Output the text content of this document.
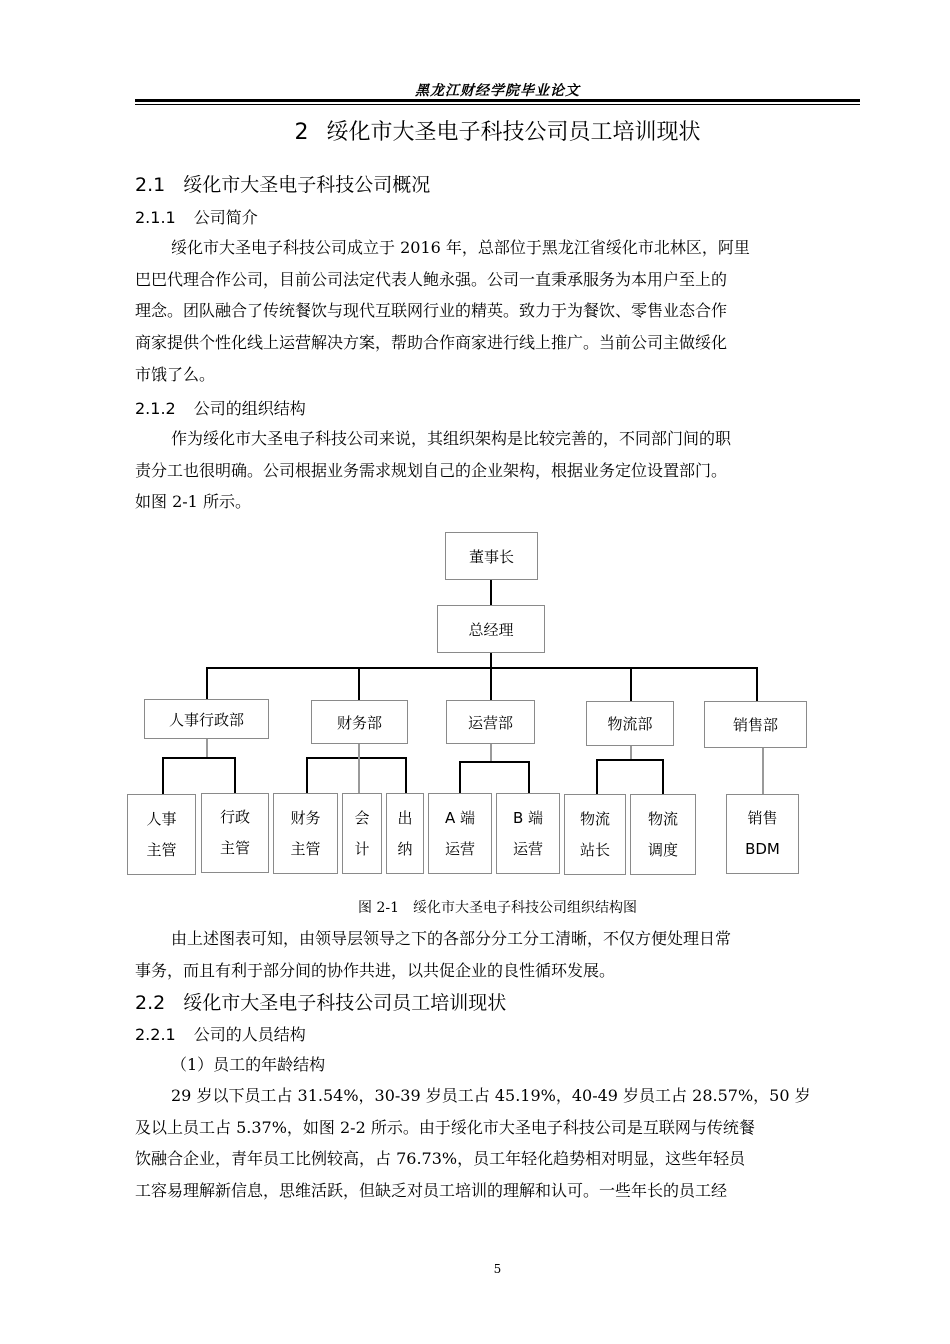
黑龙江财经学院毕业论文
2 绥化市大圣电子科技公司员工培训现状
2.1 绥化市大圣电子科技公司概况
2.1.1 公司简介
绥化市大圣电子科技公司成立于 2016 年，总部位于黑龙江省绥化市北林区，阿里
巴巴代理合作公司，目前公司法定代表人鲍永强。公司一直秉承服务为本用户至上的
理念。团队融合了传统餐饮与现代互联网行业的精英。致力于为餐饮、零售业态合作
商家提供个性化线上运营解决方案，帮助合作商家进行线上推广。当前公司主做绥化
市饿了么。
2.1.2 公司的组织结构
作为绥化市大圣电子科技公司来说，其组织架构是比较完善的，不同部门间的职
责分工也很明确。公司根据业务需求规划自己的企业架构，根据业务定位设置部门。
如图 2-1 所示。
董事长
总经理
人事行政部	财务部	运营部	物流部	销售部
人事
主管
行政
主管
财务
主管
会
计
出
纳
A 端
运营
B 端
运营
物流
站长
物流
调度
销售
BDM
图 2-1　绥化市大圣电子科技公司组织结构图
由上述图表可知，由领导层领导之下的各部分分工分工清晰，不仅方便处理日常
事务，而且有利于部分间的协作共进，以共促企业的良性循环发展。
2.2 绥化市大圣电子科技公司员工培训现状
2.2.1 公司的人员结构
（1）员工的年龄结构
29 岁以下员工占 31.54%，30-39 岁员工占 45.19%，40-49 岁员工占 28.57%，50 岁
及以上员工占 5.37%，如图 2-2 所示。由于绥化市大圣电子科技公司是互联网与传统餐
饮融合企业，青年员工比例较高，占 76.73%，员工年轻化趋势相对明显，这些年轻员
工容易理解新信息，思维活跃，但缺乏对员工培训的理解和认可。一些年长的员工经
5
